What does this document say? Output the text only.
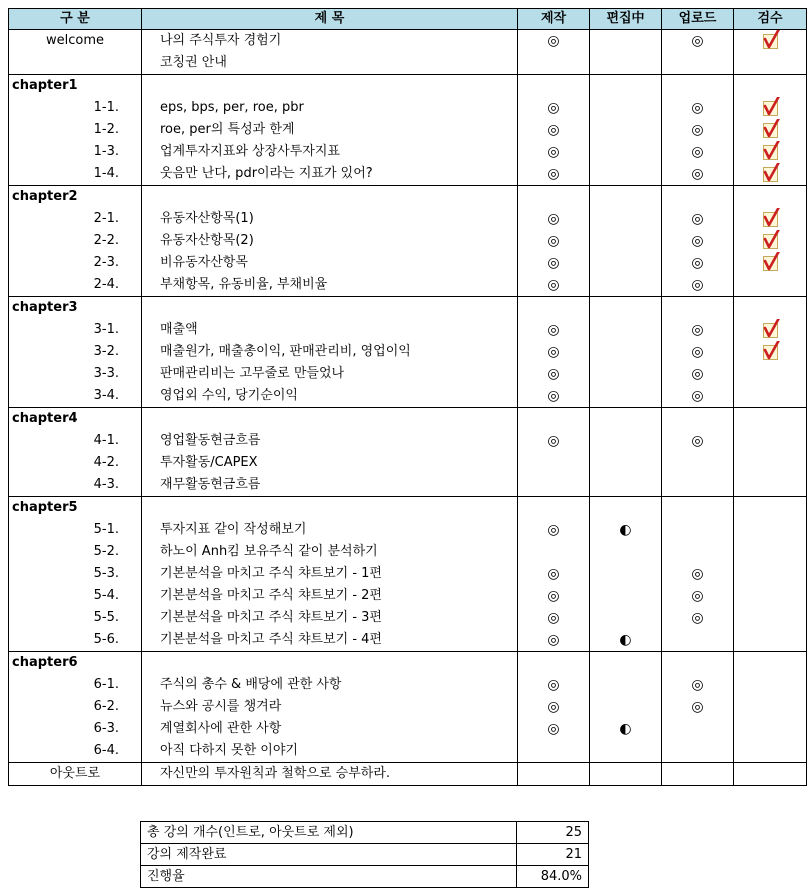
구 분	제 목	제작	편집中	업로드	검수
welcome	나의 주식투자 경험기	◎		◎	

	코칭권 안내				
chapter1					
1-1.	eps, bps, per, roe, pbr	◎		◎	

1-2.	roe, per의 특성과 한계	◎		◎	

1-3.	업계투자지표와 상장사투자지표	◎		◎	

1-4.	웃음만 난다, pdr이라는 지표가 있어?	◎		◎	

chapter2					
2-1.	유동자산항목(1)	◎		◎	

2-2.	유동자산항목(2)	◎		◎	

2-3.	비유동자산항목	◎		◎	

2-4.	부채항목, 유동비율, 부채비율	◎		◎	
chapter3					
3-1.	매출액	◎		◎	

3-2.	매출원가, 매출총이익, 판매관리비, 영업이익	◎		◎	

3-3.	판매관리비는 고무줄로 만들었나	◎		◎	
3-4.	영업외 수익, 당기순이익	◎		◎	
chapter4					
4-1.	영업활동현금흐름	◎		◎	
4-2.	투자활동/CAPEX				
4-3.	재무활동현금흐름				
chapter5					
5-1.	투자지표 같이 작성해보기	◎	◐		
5-2.	하노이 Anh킴 보유주식 같이 분석하기				
5-3.	기본분석을 마치고 주식 챠트보기 - 1편	◎		◎	
5-4.	기본분석을 마치고 주식 챠트보기 - 2편	◎		◎	
5-5.	기본분석을 마치고 주식 챠트보기 - 3편	◎		◎	
5-6.	기본분석을 마치고 주식 챠트보기 - 4편	◎	◐		
chapter6					
6-1.	주식의 총수 & 배당에 관한 사항	◎		◎	
6-2.	뉴스와 공시를 챙겨라	◎		◎	
6-3.	계열회사에 관한 사항	◎	◐		
6-4.	아직 다하지 못한 이야기				
아웃트로	자신만의 투자원칙과 철학으로 승부하라.				
총 강의 개수(인트로, 아웃트로 제외)	25
강의 제작완료	21
진행율	84.0%
